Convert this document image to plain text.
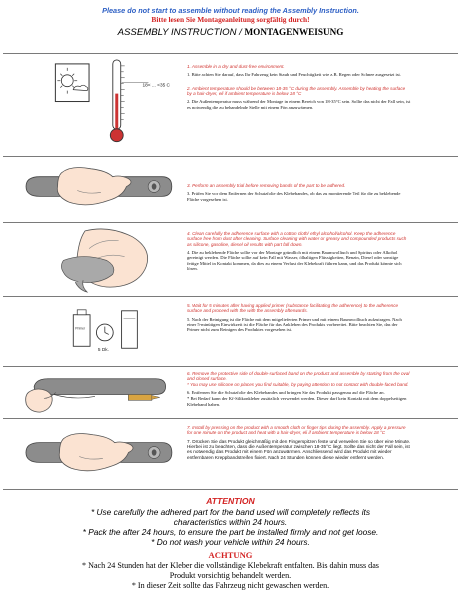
Please do not start to assemble without reading the Assembly Instruction.
Bitte lesen Sie Montageanleitung sorgfältig durch!
ASSEMBLY INSTRUCTION / MONTAGENWEISUNG
18< ... <35 C
1. Assemble in a dry and dust-free environment.
1. Bitte achten Sie darauf, dass Ihr Fahrzeug kein Staub und Feuchtigkeit wie z.B. Regen oder Schnee ausgesetzt ist.
2. Ambient temperature should be between 18-35 °C during the assembly. Assemble by heating the surface by a hair-dryer, eli if ambient temperature is below 18 °C
2. Die Außentemperatur muss während der Montage in einem Bereich von 18-35°C sein. Sollte das nicht der Fall sein, ist es notwendig die zu behandelnde Stelle mit einem Fön anzuwärmen.
3. Perform an assembly trial before removing bands of the part to be adhered.
3. Prüfen Sie vor dem Entfernen der Schutzfolie des Klebebandes, ob das zu montierende Teil für die zu beklebende Fläche vorgesehen ist.
4. Clean carefully the adherence surface with a cotton cloth/ ethyl alcohol/alcohol. Keep the adherence surface free from dust after cleaning. Surface cleaning with water or greasy and compounded products such as silicone, gasoline, diesel oil results with part fall down.
4. Die zu beklebende Fläche sollte vor der Montage gründlich mit einem Baumwolltuch und Spiritus oder Alkohol gereinigt werden. Die Fläche sollte auf kein Fall mit Wasser, ölhaltigen Flüssigkeiten, Benzin, Diesel oder sonstige fettige Mittel in Kontakt kommen, da dies zu einem Verlust der Klebekraft führen kann, und das Produkt könnte sich lösen.
Primer
5 Dk.
5. Wait for 5 minutes after having applied primer (substance facilitating the adherence) to the adherence surface and proceed with the with the assembly afterwards.
5. Nach der Reinigung ist die Fläche mit dem mitgelieferten Primer und mit einem Baumwolltuch aufzutragen. Nach einer 5-minütigen Einwirkzeit ist die Fläche für das Ankleben des Produkts vorbereitet. Bitte beachten Sie, das der Primer nicht zum Reinigen des Produktes vorgesehen ist.
6. Remove the protective side of double-surfaced band on the product and assemble by starting from the oval and closed surface.
* You may use silicone on places you find suitable, by paying attention to not contact with double-faced band.
6. Entfernen Sie die Schutzfolie des Klebebandes und bringen Sie das Produkt passgenau auf die Fläche an.
* Bei Bedarf kann der Kf-Silikonkleber zusätzlich verwendet werden. Dieser darf kein Kontakt mit dem doppelseitigen Klebeband haben.
7. Install by pressing on the product with a smooth cloth or finger tips during the assembly. Apply a pressure for one minute on the product and heat with a hair-dryer, eli if ambient temperature is below 18 °C
7. Drücken Sie das Produkt gleichmäßig mit den Fingerspitzen feste und verweilen Sie so über eine Minute. Hierbei ist zu beachten, dass die Außentemperatur zwischen 18-35°C liegt. Sollte das nicht der Fall sein, ist es notwendig das Produkt mit einem Fön anzuwärmen. Anschliessend wird das Produkt mit wieder entfernbaren Kreppbandstreifen fixiert. Nach 24 Stunden können diese wieder entfernt werden.
ATTENTION
* Use carefully the adhered part for the band used will completely reflects its
characteristics within 24 hours.
* Pack the after 24 hours, to ensure the part be installed firmly and not get loose.
* Do not wash your vehicle within 24 hours.
ACHTUNG
* Nach 24 Stunden hat der Kleber die vollständige Klebekraft entfalten. Bis dahin muss das
Produkt vorsichtig behandelt werden.
* In dieser Zeit sollte das Fahrzeug nicht gewaschen werden.
